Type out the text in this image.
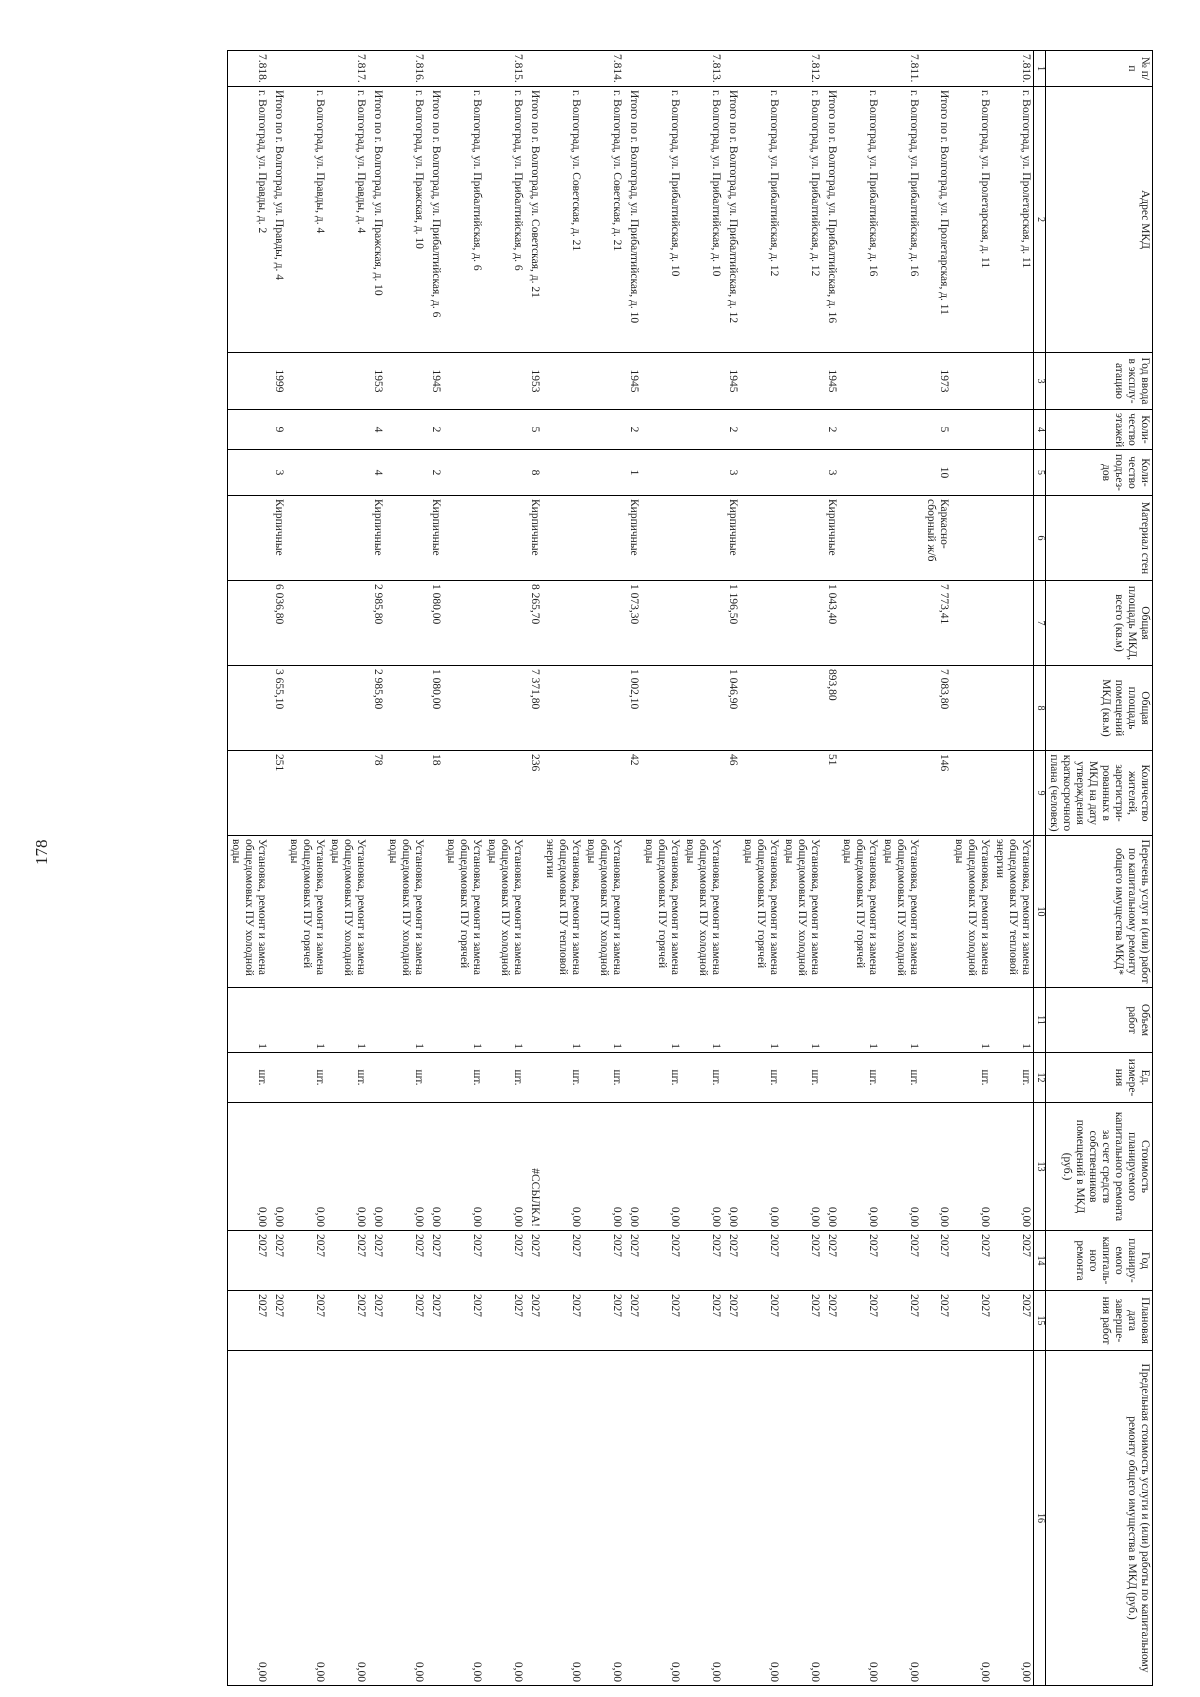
178
№ п/п	Адрес МКД	Год ввода в эксплу-атацию	Коли-чество этажей	Коли-чество подъез-дов	Материал стен	Общая площадь МКД, всего (кв.м)	Общая площадь помещений МКД (кв.м)	Количество жителей, зарегистри-рованных в МКД на дату утверждения краткосрочного плана (человек)	Перечень услуг и (или) работ по капитальному ремонту общего имущества МКД*	Объем работ	Ед. измере-ния	Стоимость планируемого капитального ремонта за счет средств собственников помещений в МКД (руб.)	Год планиру-емого капиталь-ного ремонта	Плановая дата заверше-ния работ	Предельная стоимость услуги и (или) работы по капитальному ремонту общего имущества в МКД (руб.)
1	2	3	4	5	6	7	8	9	10	11	12	13	14	15	16
7.810.	г. Волгоград, ул. Пролетарская, д. 11								Установка, ремонт и замена общедомовых ПУ тепловой энергии	1	шт.	0,00	2027	2027	0,00
	г. Волгоград, ул. Пролетарская, д. 11								Установка, ремонт и замена общедомовых ПУ холодной воды	1	шт.	0,00	2027	2027	0,00
	Итого по г. Волгоград, ул. Пролетарская, д. 11	1973	5	10	Каркасно-сборный ж/б	7 773,41	7 083,80	146				0,00	2027	2027	

7.811.	г. Волгоград, ул. Прибалтийская, д. 16								Установка, ремонт и замена общедомовых ПУ холодной воды	1	шт.	0,00	2027	2027	0,00
	г. Волгоград, ул. Прибалтийская, д. 16								Установка, ремонт и замена общедомовых ПУ горячей воды	1	шт.	0,00	2027	2027	0,00
	Итого по г. Волгоград, ул. Прибалтийская, д. 16	1945	2	3	Кирпичные	1 043,40	893,80	51				0,00	2027	2027	

7.812.	г. Волгоград, ул. Прибалтийская, д. 12								Установка, ремонт и замена общедомовых ПУ холодной воды	1	шт.	0,00	2027	2027	0,00
	г. Волгоград, ул. Прибалтийская, д. 12								Установка, ремонт и замена общедомовых ПУ горячей воды	1	шт.	0,00	2027	2027	0,00
	Итого по г. Волгоград, ул. Прибалтийская, д. 12	1945	2	3	Кирпичные	1 196,50	1 046,90	46				0,00	2027	2027	

7.813.	г. Волгоград, ул. Прибалтийская, д. 10								Установка, ремонт и замена общедомовых ПУ холодной воды	1	шт.	0,00	2027	2027	0,00
	г. Волгоград, ул. Прибалтийская, д. 10								Установка, ремонт и замена общедомовых ПУ горячей воды	1	шт.	0,00	2027	2027	0,00
	Итого по г. Волгоград, ул. Прибалтийская, д. 10	1945	2	1	Кирпичные	1 073,30	1 002,10	42				0,00	2027	2027	

7.814.	г. Волгоград, ул. Советская, д. 21								Установка, ремонт и замена общедомовых ПУ холодной воды	1	шт.	0,00	2027	2027	0,00
	г. Волгоград, ул. Советская, д. 21								Установка, ремонт и замена общедомовых ПУ тепловой энергии	1	шт.	0,00	2027	2027	0,00
	Итого по г. Волгоград, ул. Советская, д. 21	1953	5	8	Кирпичные	8 265,70	7 371,80	236				#ССЫЛКА!	2027	2027	

7.815.	г. Волгоград, ул. Прибалтийская, д. 6								Установка, ремонт и замена общедомовых ПУ холодной воды	1	шт.	0,00	2027	2027	0,00
	г. Волгоград, ул. Прибалтийская, д. 6								Установка, ремонт и замена общедомовых ПУ горячей воды	1	шт.	0,00	2027	2027	0,00
	Итого по г. Волгоград, ул. Прибалтийская, д. 6	1945	2	2	Кирпичные	1 080,00	1 080,00	18				0,00	2027	2027	

7.816.	г. Волгоград, ул. Пражская, д. 10								Установка, ремонт и замена общедомовых ПУ холодной воды	1	шт.	0,00	2027	2027	0,00
	Итого по г. Волгоград, ул. Пражская, д. 10	1953	4	4	Кирпичные	2 985,80	2 985,80	78				0,00	2027	2027	

7.817.	г. Волгоград, ул. Правды, д. 4								Установка, ремонт и замена общедомовых ПУ холодной воды	1	шт.	0,00	2027	2027	0,00
	г. Волгоград, ул. Правды, д. 4								Установка, ремонт и замена общедомовых ПУ горячей воды	1	шт.	0,00	2027	2027	0,00
	Итого по г. Волгоград, ул. Правды, д. 4	1999	9	3	Кирпичные	6 036,80	3 655,10	251				0,00	2027	2027	

7.818.	г. Волгоград, ул. Правды, д. 2								Установка, ремонт и замена общедомовых ПУ холодной воды	1	шт.	0,00	2027	2027	0,00
